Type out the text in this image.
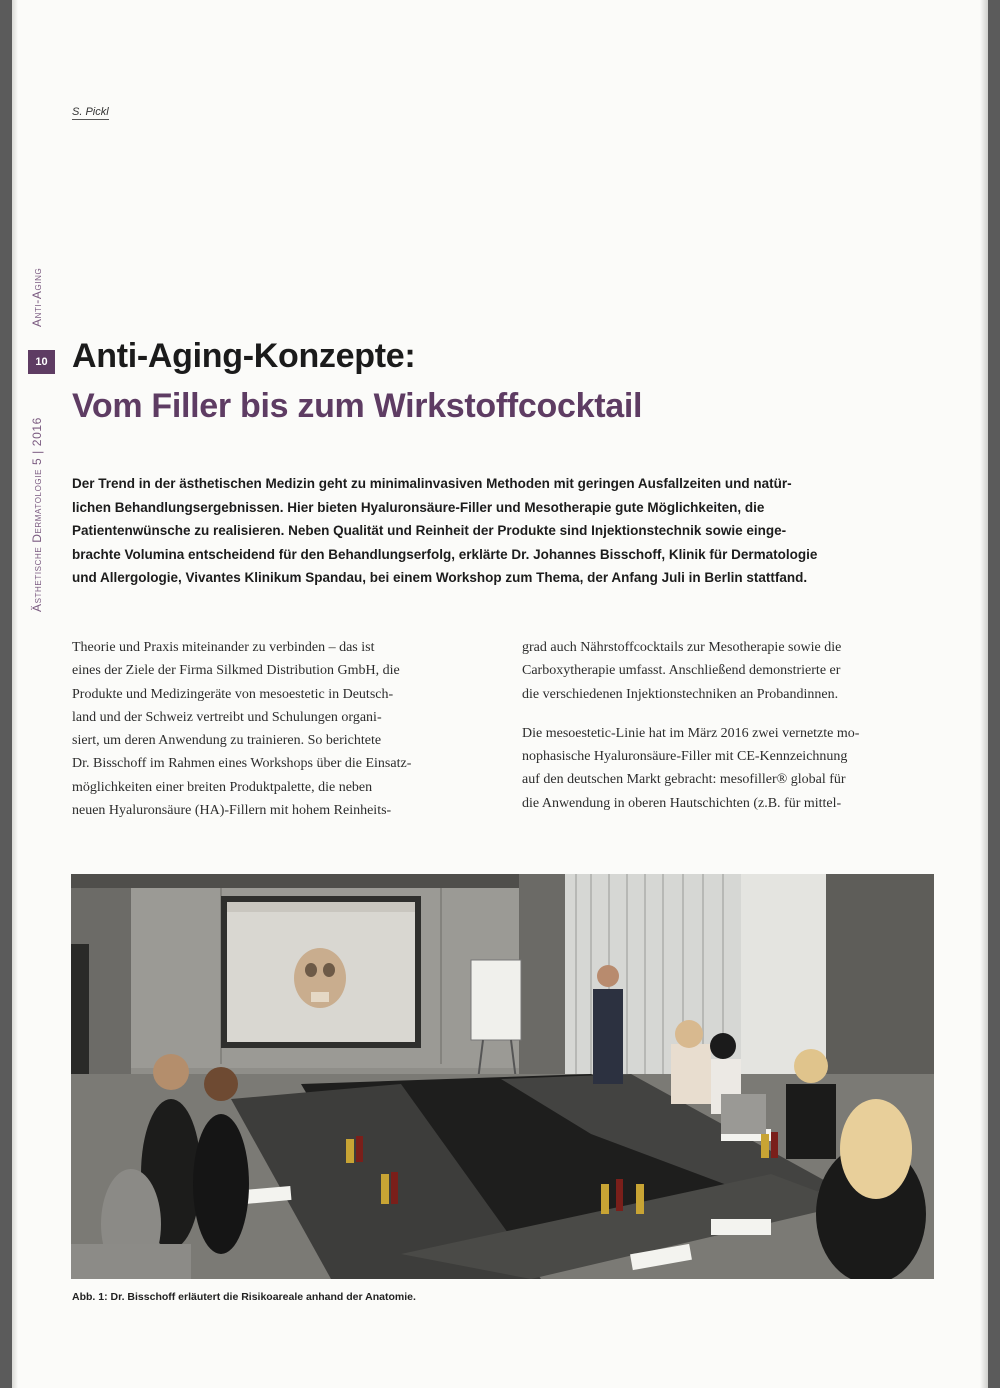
S. Pickl
Anti-Aging
10
Ästhetische Dermatologie 5 | 2016
Anti-Aging-Konzepte:
Vom Filler bis zum Wirkstoffcocktail
Der Trend in der ästhetischen Medizin geht zu minimalinvasiven Methoden mit geringen Ausfallzeiten und natür-
lichen Behandlungsergebnissen. Hier bieten Hyaluronsäure-Filler und Mesotherapie gute Möglichkeiten, die
Patientenwünsche zu realisieren. Neben Qualität und Reinheit der Produkte sind Injektionstechnik sowie einge-
brachte Volumina entscheidend für den Behandlungserfolg, erklärte Dr. Johannes Bisschoff, Klinik für Dermatologie
und Allergologie, Vivantes Klinikum Spandau, bei einem Workshop zum Thema, der Anfang Juli in Berlin stattfand.
Theorie und Praxis miteinander zu verbinden – das ist
eines der Ziele der Firma Silkmed Distribution GmbH, die
Produkte und Medizingeräte von mesoestetic in Deutsch-
land und der Schweiz vertreibt und Schulungen organi-
siert, um deren Anwendung zu trainieren. So berichtete
Dr. Bisschoff im Rahmen eines Workshops über die Einsatz-
möglichkeiten einer breiten Produktpalette, die neben
neuen Hyaluronsäure (HA)-Fillern mit hohem Reinheits-
grad auch Nährstoffcocktails zur Mesotherapie sowie die
Carboxytherapie umfasst. Anschließend demonstrierte er
die verschiedenen Injektionstechniken an Probandinnen.
Die mesoestetic-Linie hat im März 2016 zwei vernetzte mo-
nophasische Hyaluronsäure-Filler mit CE-Kennzeichnung
auf den deutschen Markt gebracht: mesofiller® global für
die Anwendung in oberen Hautschichten (z.B. für mittel-
Abb. 1: Dr. Bisschoff erläutert die Risikoareale anhand der Anatomie.
